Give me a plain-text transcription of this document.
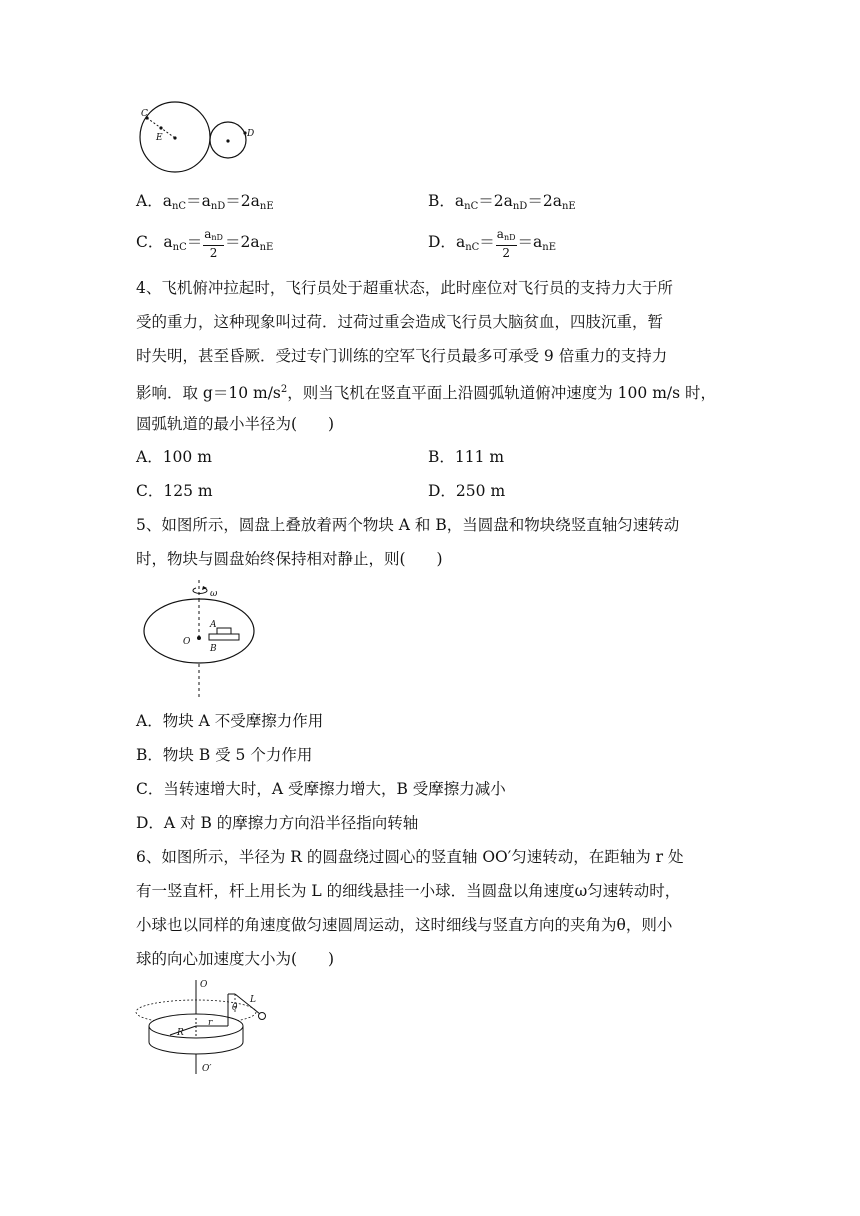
C
E	D
A．$a_{nC}=a_{nD}=2a_{nE}$	B．$a_{nC}=2a_{nD}=2a_{nE}$
C．$a_{nC}= \frac{a_{nD}}{2} =2a_{nE}$	D．$a_{nC}= \frac{a_{nD}}{2} =a_{nE}$
4、飞机俯冲拉起时，飞行员处于超重状态，此时座位对飞行员的支持力大于所
受的重力，这种现象叫过荷．过荷过重会造成飞行员大脑贫血，四肢沉重，暂
时失明，甚至昏厥．受过专门训练的空军飞行员最多可承受 9 倍重力的支持力
影响．取 g＝10 $m/s^2$，则当飞机在竖直平面上沿圆弧轨道俯冲速度为 100 m/s 时，
圆弧轨道的最小半径为(　　)
A．100 m	B．111 m
C．125 m	D．250 m
5、如图所示，圆盘上叠放着两个物块 A 和 B，当圆盘和物块绕竖直轴匀速转动
时，物块与圆盘始终保持相对静止，则(　　)
ω
A
O
B
A．物块 A 不受摩擦力作用
B．物块 B 受 5 个力作用
C．当转速增大时，A 受摩擦力增大，B 受摩擦力减小
D．A 对 B 的摩擦力方向沿半径指向转轴
6、如图所示，半径为 R 的圆盘绕过圆心的竖直轴 OO′匀速转动，在距轴为 r 处
有一竖直杆，杆上用长为 L 的细线悬挂一小球．当圆盘以角速度ω匀速转动时，
小球也以同样的角速度做匀速圆周运动，这时细线与竖直方向的夹角为θ，则小
球的向心加速度大小为(　　)
O
L
θ
R
r
O′
